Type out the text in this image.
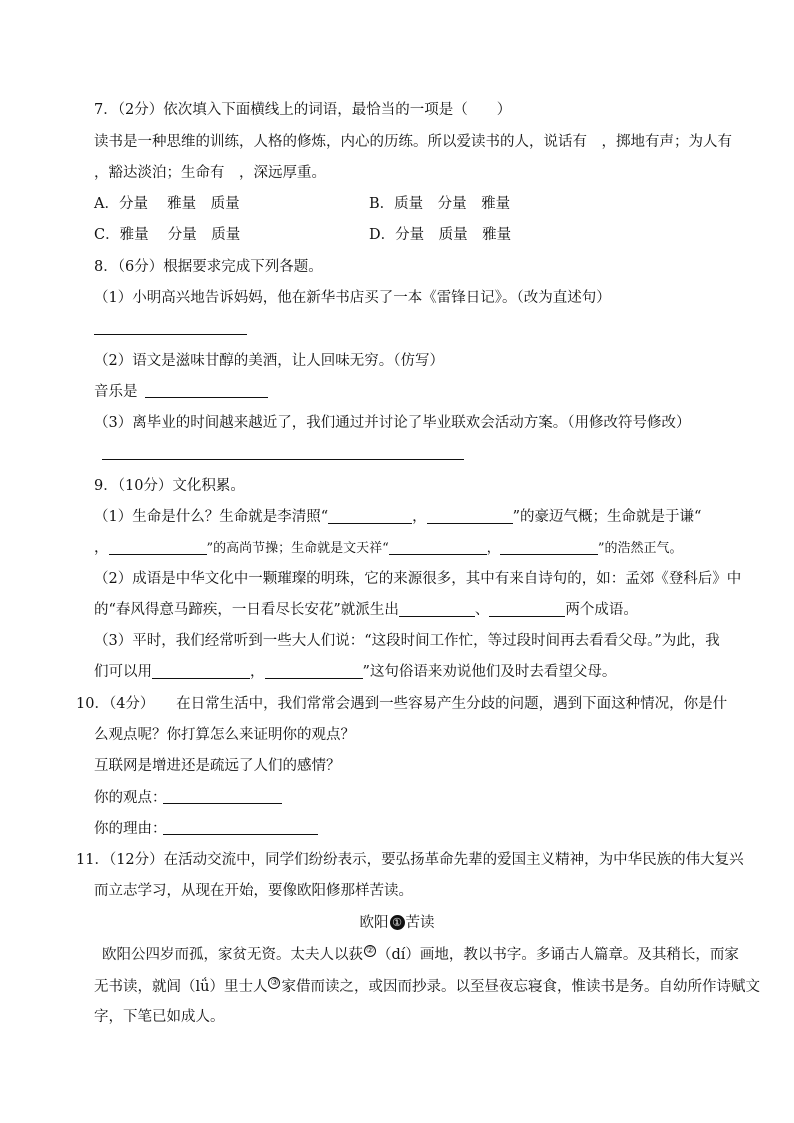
7．（2分）依次填入下面横线上的词语，最恰当的一项是（　　）
读书是一种思维的训练，人格的修炼，内心的历练。所以爱读书的人，说话有　，掷地有声；为人有
，豁达淡泊；生命有　，深远厚重。
A．分量　 雅量　质量	B．质量　分量　雅量
C．雅量　 分量　质量	D．分量　质量　雅量
8．（6分）根据要求完成下列各题。
（1）小明高兴地告诉妈妈，他在新华书店买了一本《雷锋日记》。（改为直述句）
（2）语文是滋味甘醇的美酒，让人回味无穷。（仿写）
音乐是
（3）离毕业的时间越来越近了，我们通过并讨论了毕业联欢会活动方案。（用修改符号修改）
9．（10分）文化积累。
（1）生命是什么？生命就是李清照“	，	”的豪迈气概；生命就是于谦“
，	”的高尚节操；生命就是文天祥“	，	”的浩然正气。
（2）成语是中华文化中一颗璀璨的明珠，它的来源很多，其中有来自诗句的，如：孟郊《登科后》中
的“春风得意马蹄疾，一日看尽长安花”就派生出	、	两个成语。
（3）平时，我们经常听到一些大人们说：“这段时间工作忙，等过段时间再去看看父母。”为此，我
们可以用	，	”这句俗语来劝说他们及时去看望父母。
10．（4分）　　在日常生活中，我们常常会遇到一些容易产生分歧的问题，遇到下面这种情况，你是什
么观点呢？你打算怎么来证明你的观点？
互联网是增进还是疏远了人们的感情？
你的观点：
你的理由：
11．（12分）在活动交流中，同学们纷纷表示，要弘扬革命先辈的爱国主义精神，为中华民族的伟大复兴
而立志学习，从现在开始，要像欧阳修那样苦读。
欧阳 ① 苦读
欧阳公四岁而孤，家贫无资。太夫人以荻 ② （dí）画地，教以书字。多诵古人篇章。及其稍长，而家
无书读，就闾（lǘ）里士人 ③ 家借而读之，或因而抄录。以至昼夜忘寝食，惟读书是务。自幼所作诗赋文
字，下笔已如成人。
